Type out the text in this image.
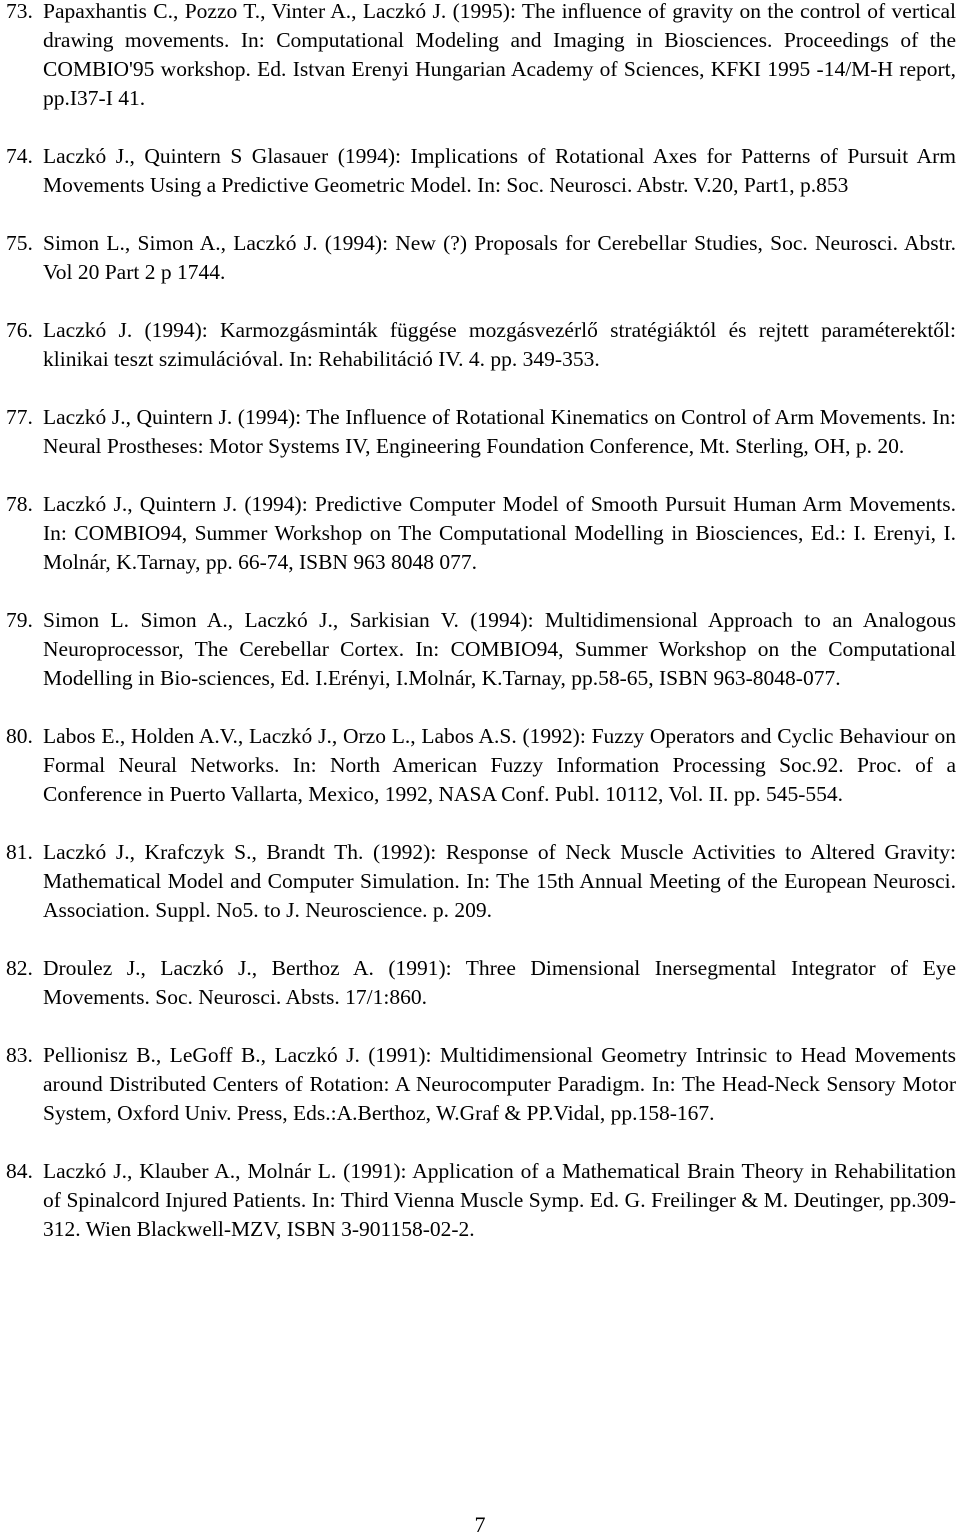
73. Papaxhantis C., Pozzo T., Vinter A., Laczkó J. (1995): The influence of gravity on the control of vertical drawing movements. In: Computational Modeling and Imaging in Biosciences. Proceedings of the COMBIO'95 workshop. Ed. Istvan Erenyi Hungarian Academy of Sciences, KFKI 1995 -14/M-H report, pp.I37-I 41.
74. Laczkó J., Quintern S Glasauer (1994): Implications of Rotational Axes for Patterns of Pursuit Arm Movements Using a Predictive Geometric Model. In: Soc. Neurosci. Abstr. V.20, Part1, p.853
75. Simon L., Simon A., Laczkó J. (1994): New (?) Proposals for Cerebellar Studies, Soc. Neurosci. Abstr. Vol 20 Part 2 p 1744.
76. Laczkó J. (1994): Karmozgásminták függése mozgásvezérlő stratégiáktól és rejtett paraméterektől: klinikai teszt szimulációval. In: Rehabilitáció IV. 4. pp. 349-353.
77. Laczkó J., Quintern J. (1994): The Influence of Rotational Kinematics on Control of Arm Movements. In: Neural Prostheses: Motor Systems IV, Engineering Foundation Conference, Mt. Sterling, OH, p. 20.
78. Laczkó J., Quintern J. (1994): Predictive Computer Model of Smooth Pursuit Human Arm Movements. In: COMBIO94, Summer Workshop on The Computational Modelling in Biosciences, Ed.: I. Erenyi, I. Molnár, K.Tarnay, pp. 66-74, ISBN 963 8048 077.
79. Simon L. Simon A., Laczkó J., Sarkisian V. (1994): Multidimensional Approach to an Analogous Neuroprocessor, The Cerebellar Cortex. In: COMBIO94, Summer Workshop on the Computational Modelling in Bio-sciences, Ed. I.Erényi, I.Molnár, K.Tarnay, pp.58-65, ISBN 963-8048-077.
80. Labos E., Holden A.V., Laczkó J., Orzo L., Labos A.S. (1992): Fuzzy Operators and Cyclic Behaviour on Formal Neural Networks. In: North American Fuzzy Information Processing Soc.92. Proc. of a Conference in Puerto Vallarta, Mexico, 1992, NASA Conf. Publ. 10112, Vol. II. pp. 545-554.
81. Laczkó J., Krafczyk S., Brandt Th. (1992): Response of Neck Muscle Activities to Altered Gravity: Mathematical Model and Computer Simulation. In: The 15th Annual Meeting of the European Neurosci. Association. Suppl. No5. to J. Neuroscience. p. 209.
82. Droulez J., Laczkó J., Berthoz A. (1991): Three Dimensional Inersegmental Integrator of Eye Movements. Soc. Neurosci. Absts. 17/1:860.
83. Pellionisz B., LeGoff B., Laczkó J. (1991): Multidimensional Geometry Intrinsic to Head Movements around Distributed Centers of Rotation: A Neurocomputer Paradigm. In: The Head-Neck Sensory Motor System, Oxford Univ. Press, Eds.:A.Berthoz, W.Graf & PP.Vidal, pp.158-167.
84. Laczkó J., Klauber A., Molnár L. (1991): Application of a Mathematical Brain Theory in Rehabilitation of Spinalcord Injured Patients. In: Third Vienna Muscle Symp. Ed. G. Freilinger & M. Deutinger, pp.309-312. Wien Blackwell-MZV, ISBN 3-901158-02-2.
7
